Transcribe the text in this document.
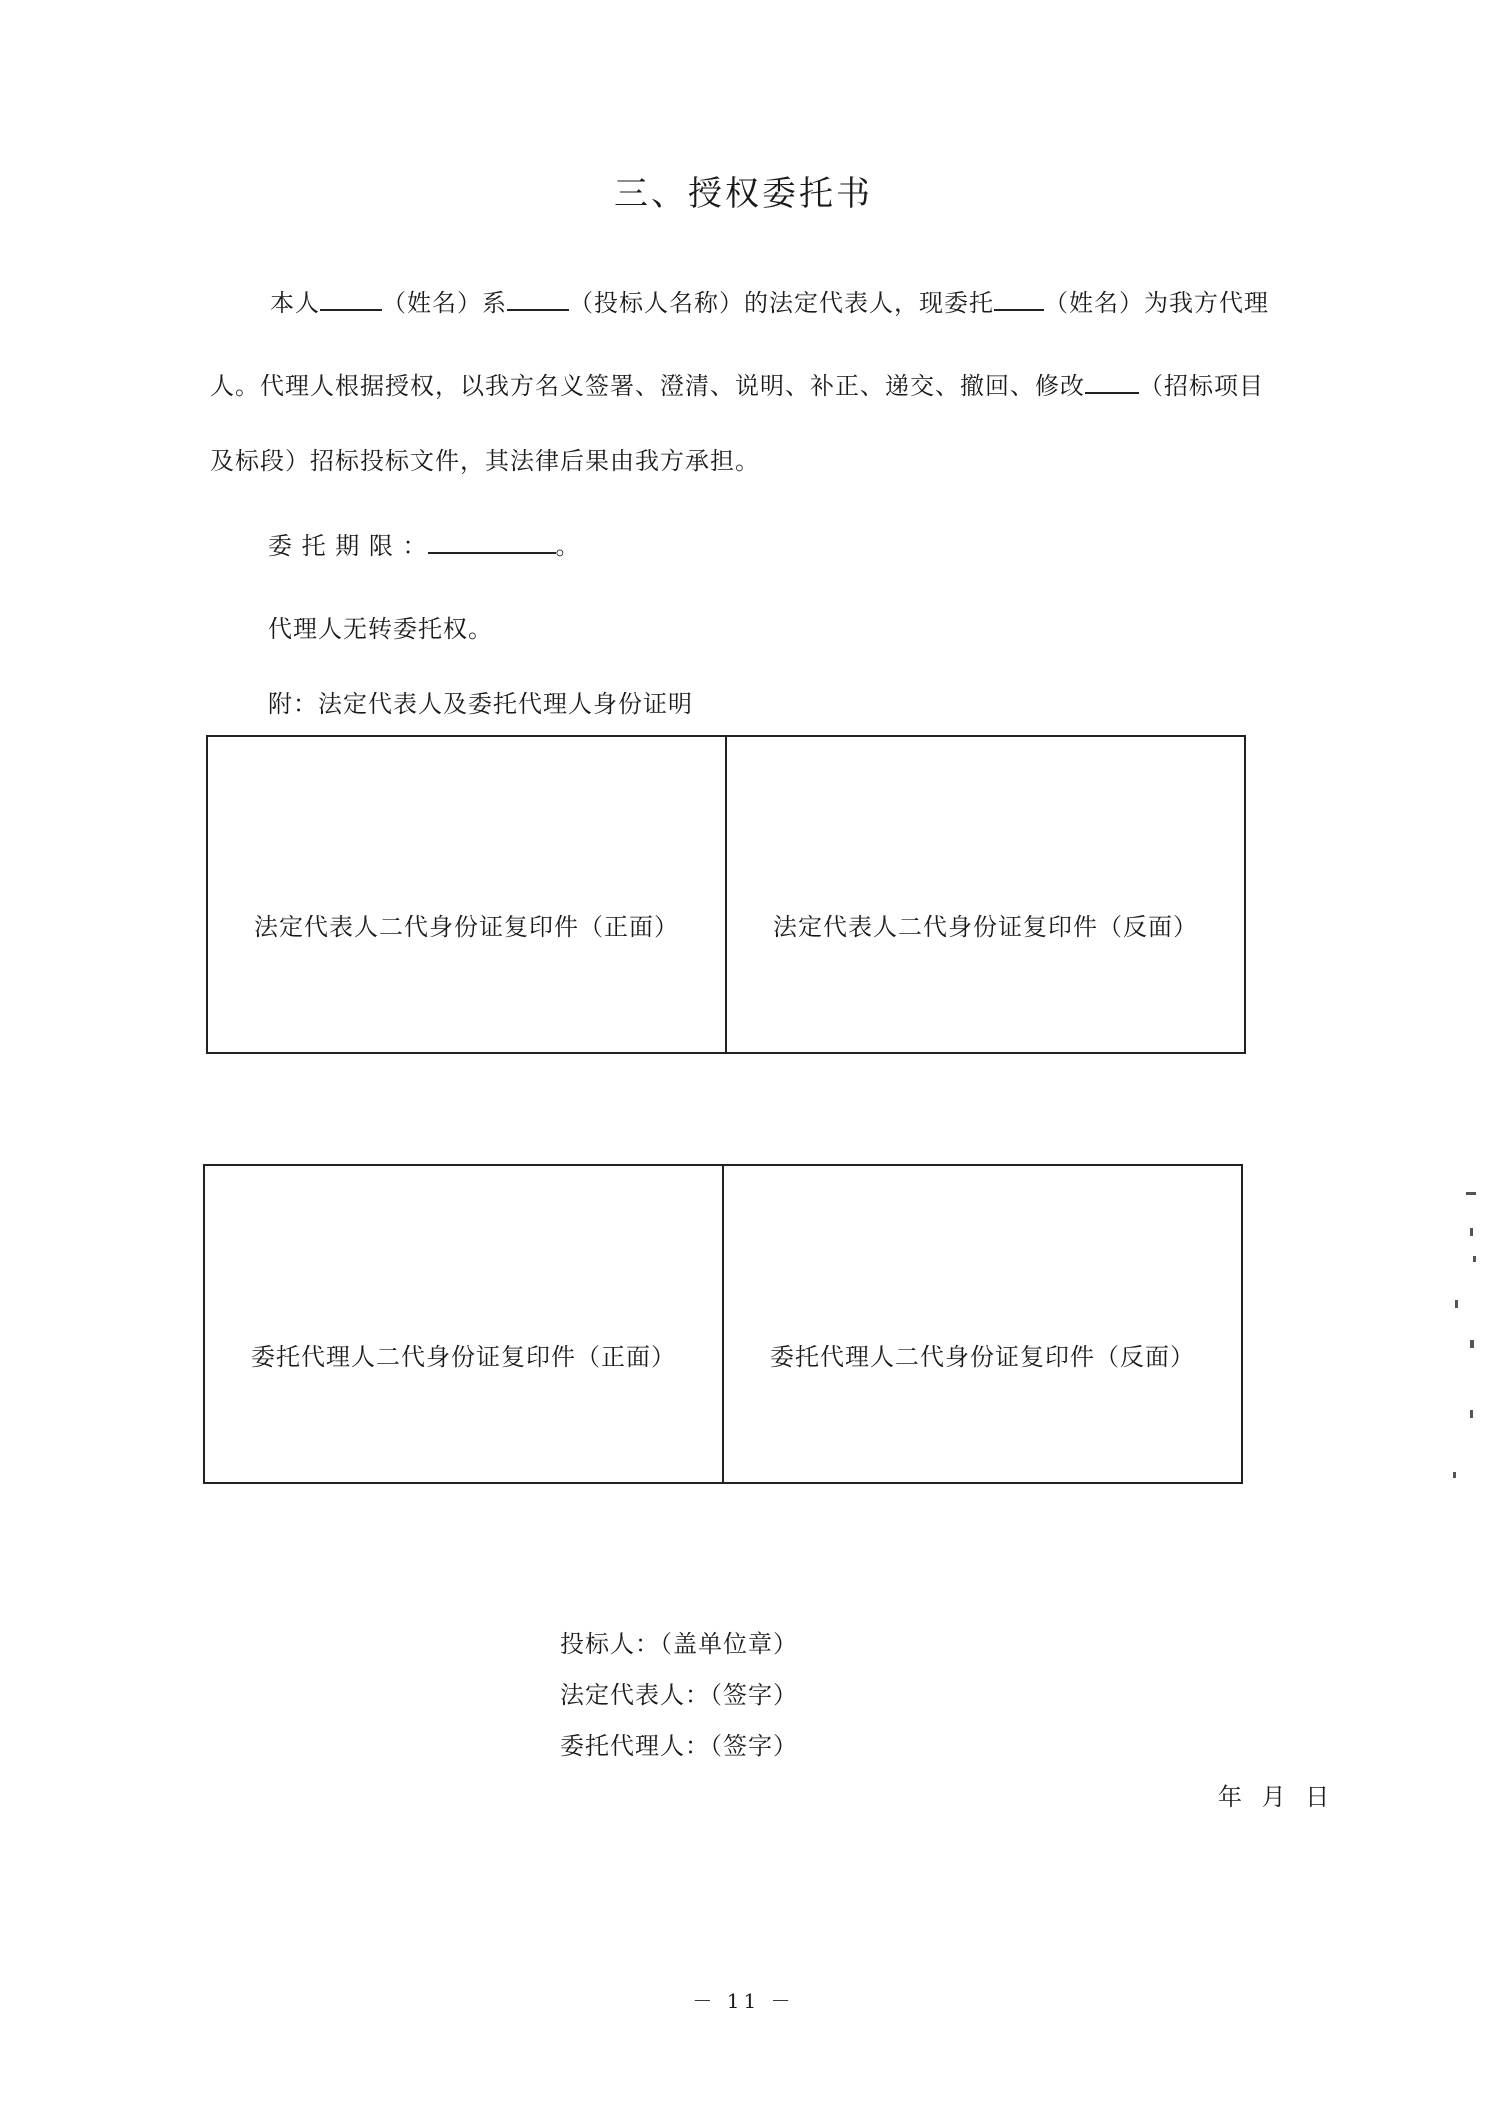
三、授权委托书
本人	（姓名）系	（投标人名称）的法定代表人，现委托 （姓名）为我方代理
人。代理人根据授权，以我方名义签署、澄清、说明、补正、递交、撤回、修改 （招标项目
及标段）招标投标文件，其法律后果由我方承担。
委 托 期 限 ：	。
代理人无转委托权。
附：法定代表人及委托代理人身份证明
法定代表人二代身份证复印件（正面）	法定代表人二代身份证复印件（反面）
委托代理人二代身份证复印件（正面）	委托代理人二代身份证复印件（反面）
投标人：（盖单位章）
法定代表人：（签字）
委托代理人：（签字）
年 月 日
－ 11 －
